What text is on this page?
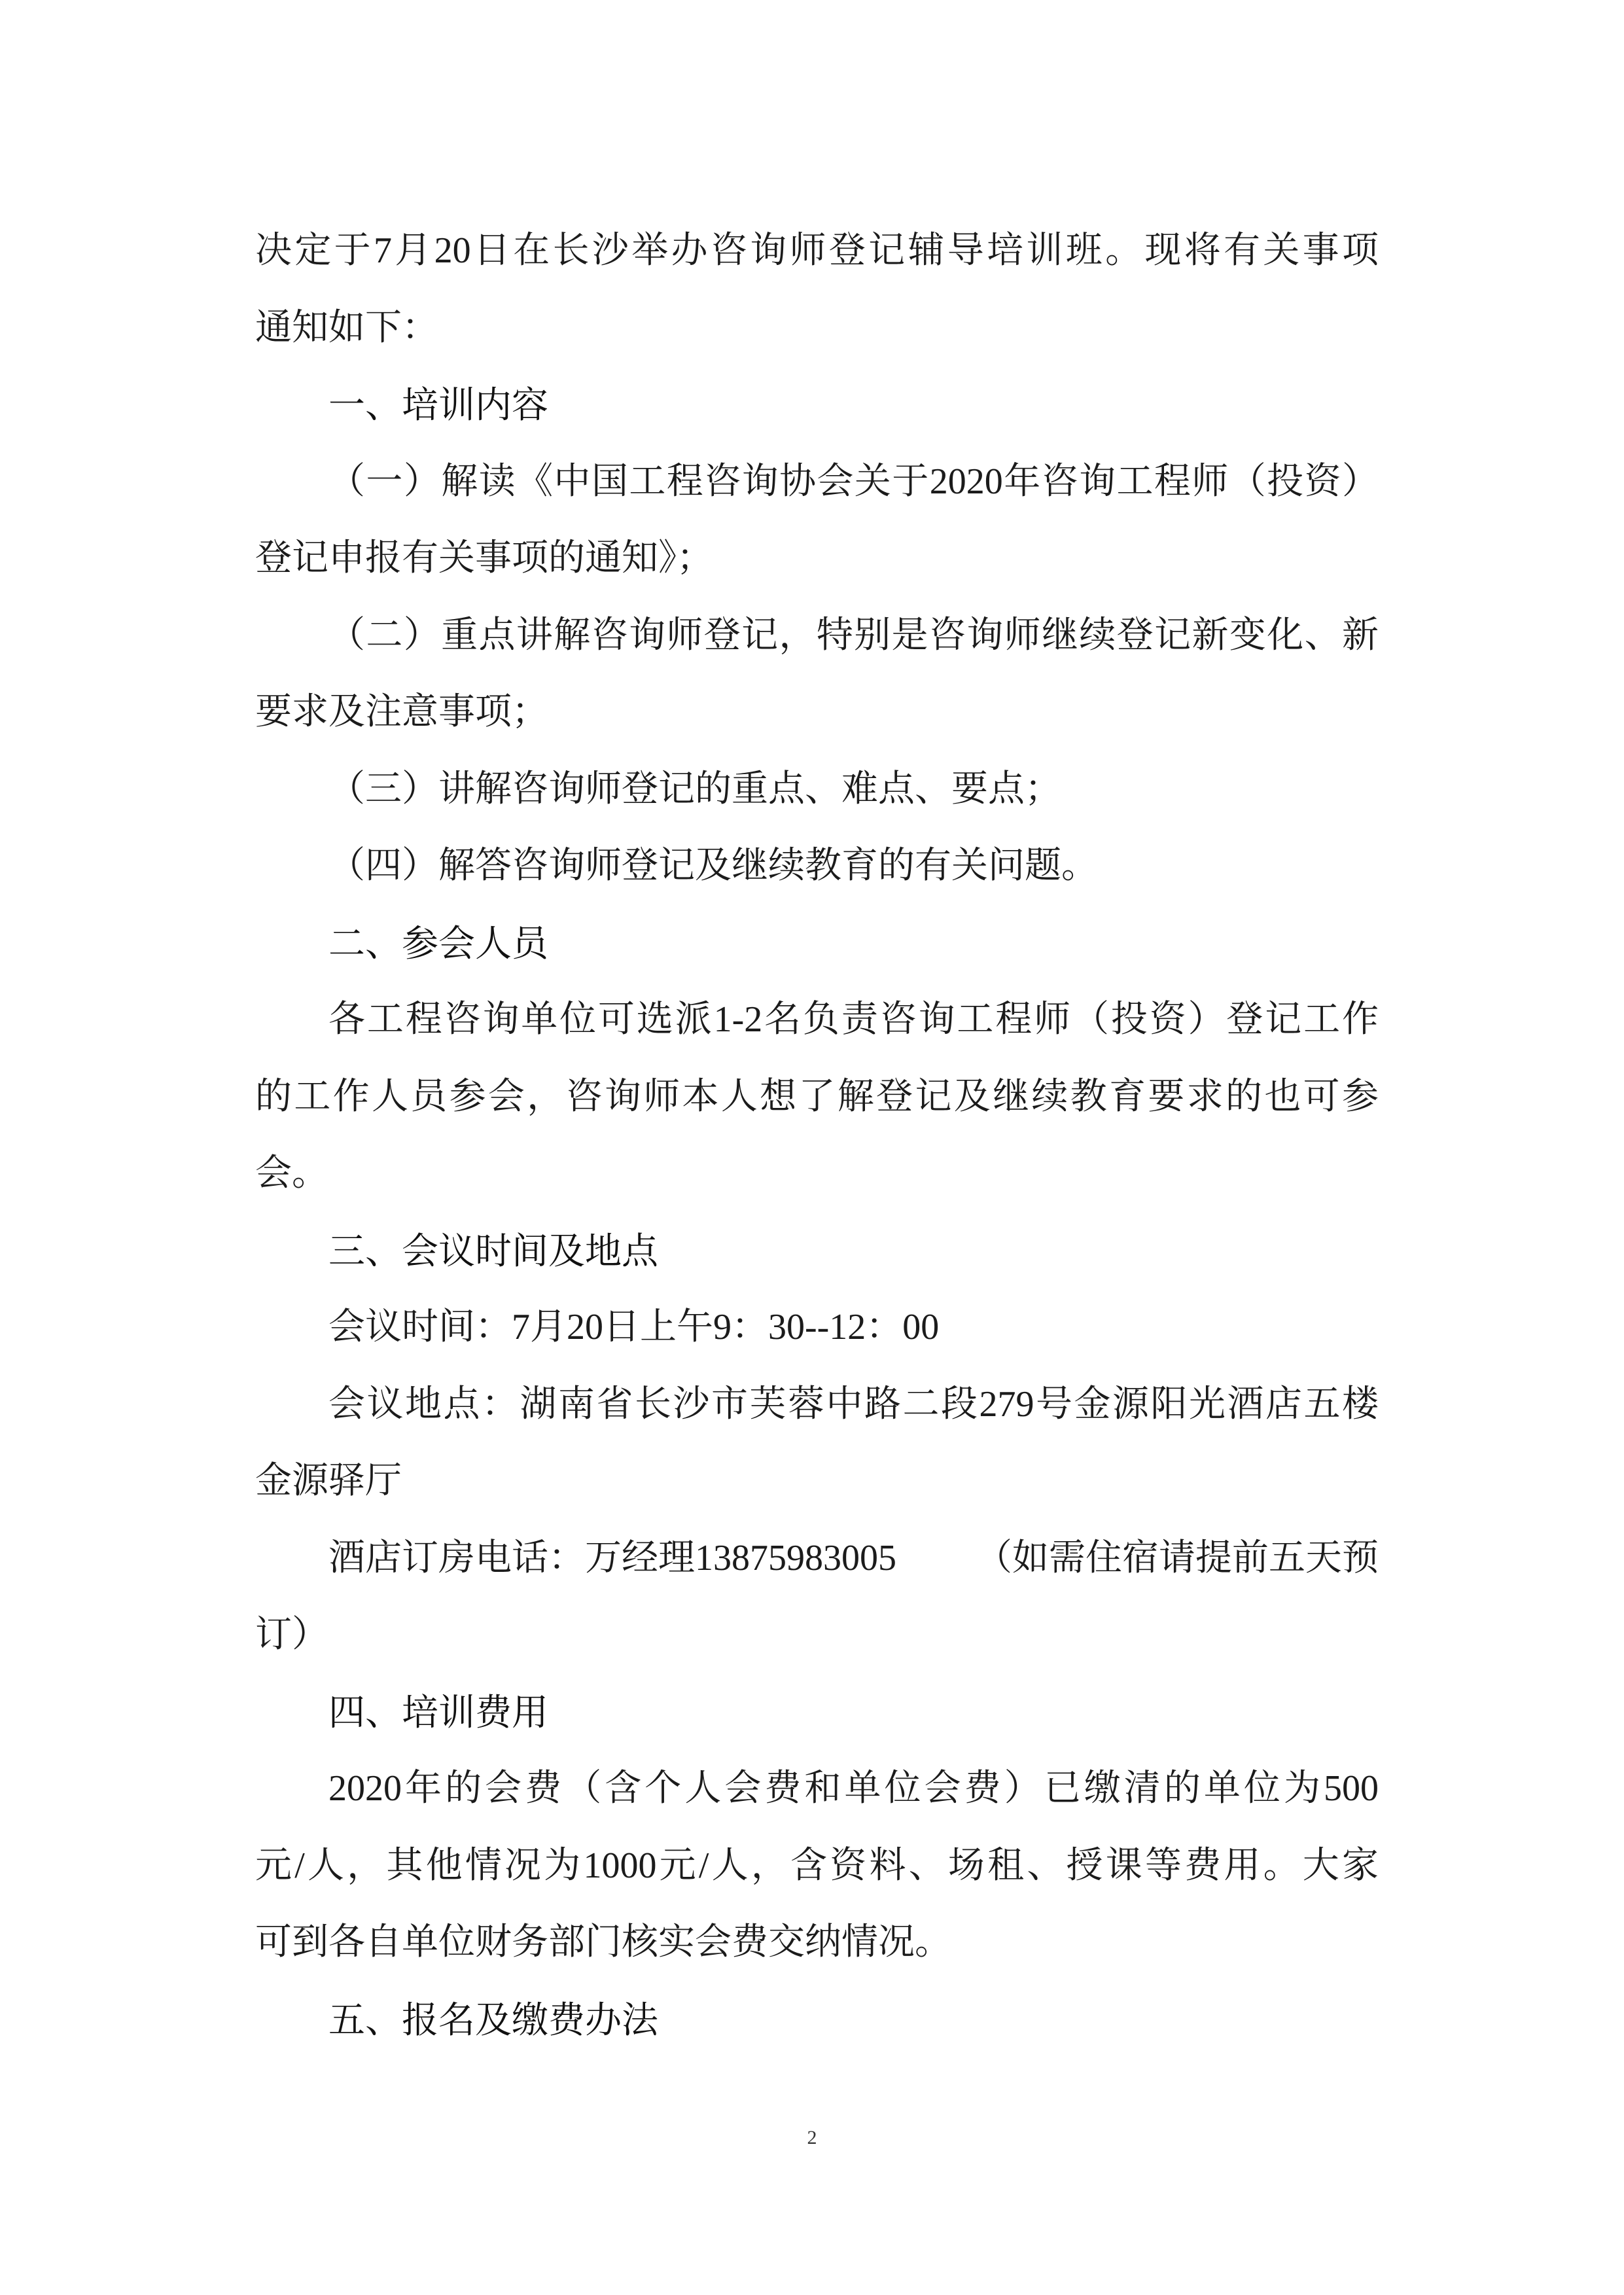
决定于7月20日在长沙举办咨询师登记辅导培训班。现将有关事项
通知如下：
一、培训内容
（一）解读《中国工程咨询协会关于2020年咨询工程师（投资）
登记申报有关事项的通知》；
（二）重点讲解咨询师登记，特别是咨询师继续登记新变化、新
要求及注意事项；
（三）讲解咨询师登记的重点、难点、要点；
（四）解答咨询师登记及继续教育的有关问题。
二、参会人员
各工程咨询单位可选派1-2名负责咨询工程师（投资）登记工作
的工作人员参会，咨询师本人想了解登记及继续教育要求的也可参
会。
三、会议时间及地点
会议时间：7月20日上午9：30--12：00
会议地点：湖南省长沙市芙蓉中路二段279号金源阳光酒店五楼
金源驿厅
酒店订房电话：万经理13875983005 （如需住宿请提前五天预
订）
四、培训费用
2020年的会费（含个人会费和单位会费）已缴清的单位为500
元/人，其他情况为1000元/人，含资料、场租、授课等费用。大家
可到各自单位财务部门核实会费交纳情况。
五、报名及缴费办法
2
